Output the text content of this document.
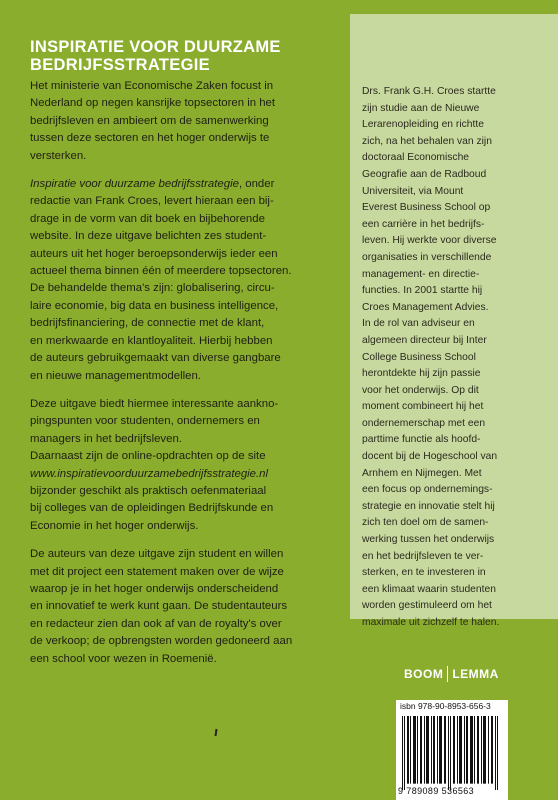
INSPIRATIE VOOR DUURZAME
BEDRIJFSSTRATEGIE

Het ministerie van Economische Zaken focust in
Nederland op negen kansrijke topsectoren in het
bedrijfsleven en ambieert om de samenwerking
tussen deze sectoren en het hoger onderwijs te
versterken.

Inspiratie voor duurzame bedrijfsstrategie, onder
redactie van Frank Croes, levert hieraan een bij-
drage in de vorm van dit boek en bijbehorende
website. In deze uitgave belichten zes student-
auteurs uit het hoger beroepsonderwijs ieder een
actueel thema binnen één of meerdere topsectoren.
De behandelde thema's zijn: globalisering, circu-
laire economie, big data en business intelligence,
bedrijfsfinanciering, de connectie met de klant,
en merkwaarde en klantloyaliteit. Hierbij hebben
de auteurs gebruikgemaakt van diverse gangbare
en nieuwe managementmodellen.

Deze uitgave biedt hiermee interessante aankno-
pingspunten voor studenten, ondernemers en
managers in het bedrijfsleven.
Daarnaast zijn de online-opdrachten op de site
www.inspiratievoorduurzamebedrijfsstrategie.nl
bijzonder geschikt als praktisch oefenmateriaal
bij colleges van de opleidingen Bedrijfskunde en
Economie in het hoger onderwijs.

De auteurs van deze uitgave zijn student en willen
met dit project een statement maken over de wijze
waarop je in het hoger onderwijs onderscheidend
en innovatief te werk kunt gaan. De studentauteurs
en redacteur zien dan ook af van de royalty's over
de verkoop; de opbrengsten worden gedoneerd aan
een school voor wezen in Roemenië.

Drs. Frank G.H. Croes startte
zijn studie aan de Nieuwe
Lerarenopleiding en richtte
zich, na het behalen van zijn
doctoraal Economische
Geografie aan de Radboud
Universiteit, via Mount
Everest Business School op
een carrière in het bedrijfs-
leven. Hij werkte voor diverse
organisaties in verschillende
management- en directie-
functies. In 2001 startte hij
Croes Management Advies.
In de rol van adviseur en
algemeen directeur bij Inter
College Business School
herontdekte hij zijn passie
voor het onderwijs. Op dit
moment combineert hij het
ondernemerschap met een
parttime functie als hoofd-
docent bij de Hogeschool van
Arnhem en Nijmegen. Met
een focus op ondernemings-
strategie en innovatie stelt hij
zich ten doel om de samen-
werking tussen het onderwijs
en het bedrijfsleven te ver-
sterken, en te investeren in
een klimaat waarin studenten
worden gestimuleerd om het
maximale uit zichzelf te halen.
BOOM LEMMA
isbn 978-90-8953-656-3
9 789089 536563
